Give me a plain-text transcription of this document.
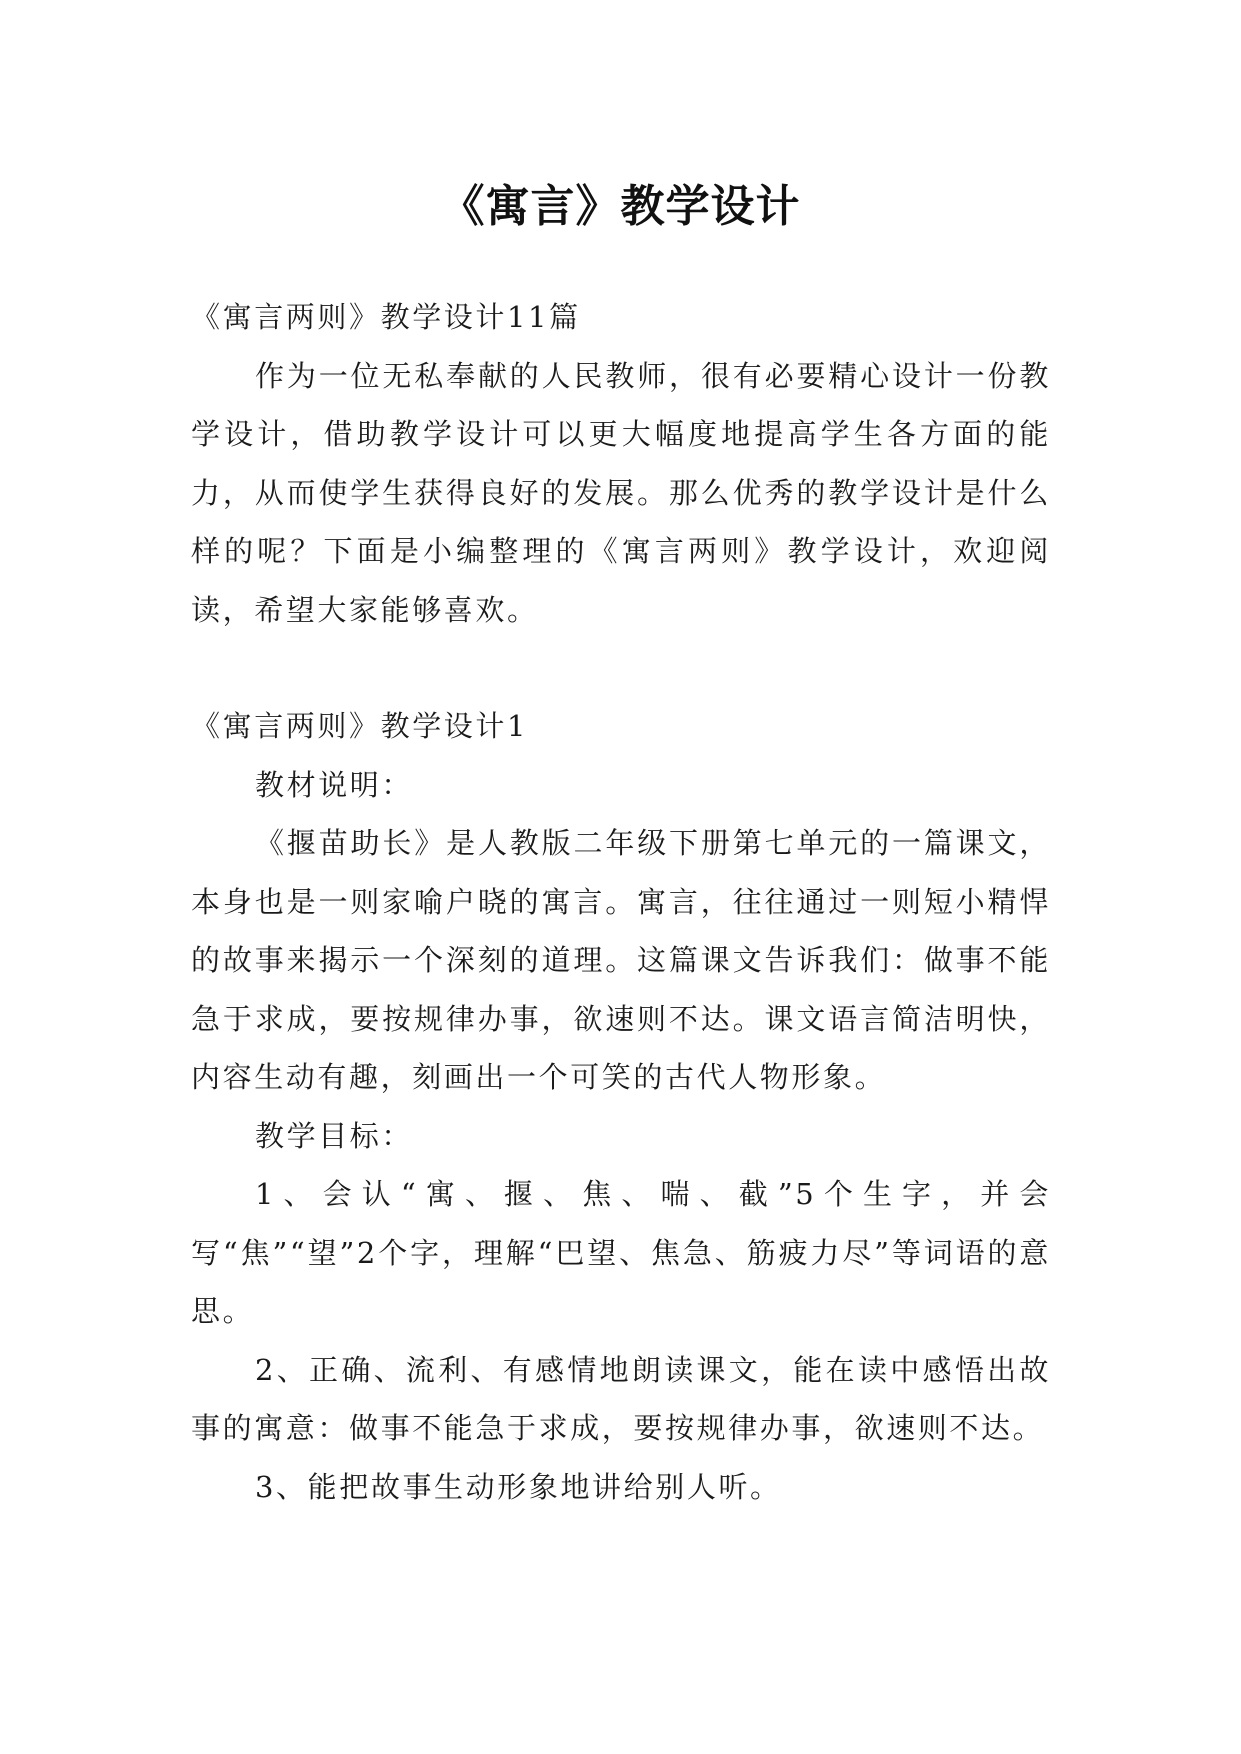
《寓言》教学设计

《寓言两则》教学设计11篇

作为一位无私奉献的人民教师，很有必要精心设计一份教学设计，借助教学设计可以更大幅度地提高学生各方面的能力，从而使学生获得良好的发展。那么优秀的教学设计是什么样的呢？下面是小编整理的《寓言两则》教学设计，欢迎阅读，希望大家能够喜欢。

《寓言两则》教学设计1

教材说明：

《揠苗助长》是人教版二年级下册第七单元的一篇课文，本身也是一则家喻户晓的寓言。寓言，往往通过一则短小精悍的故事来揭示一个深刻的道理。这篇课文告诉我们：做事不能急于求成，要按规律办事，欲速则不达。课文语言简洁明快，内容生动有趣，刻画出一个可笑的古代人物形象。

教学目标：

1、会认“寓、揠、焦、喘、截”5个生字，并会写“焦”“望”2个字，理解“巴望、焦急、筋疲力尽”等词语的意思。

2、正确、流利、有感情地朗读课文，能在读中感悟出故事的寓意：做事不能急于求成，要按规律办事，欲速则不达。

3、能把故事生动形象地讲给别人听。
